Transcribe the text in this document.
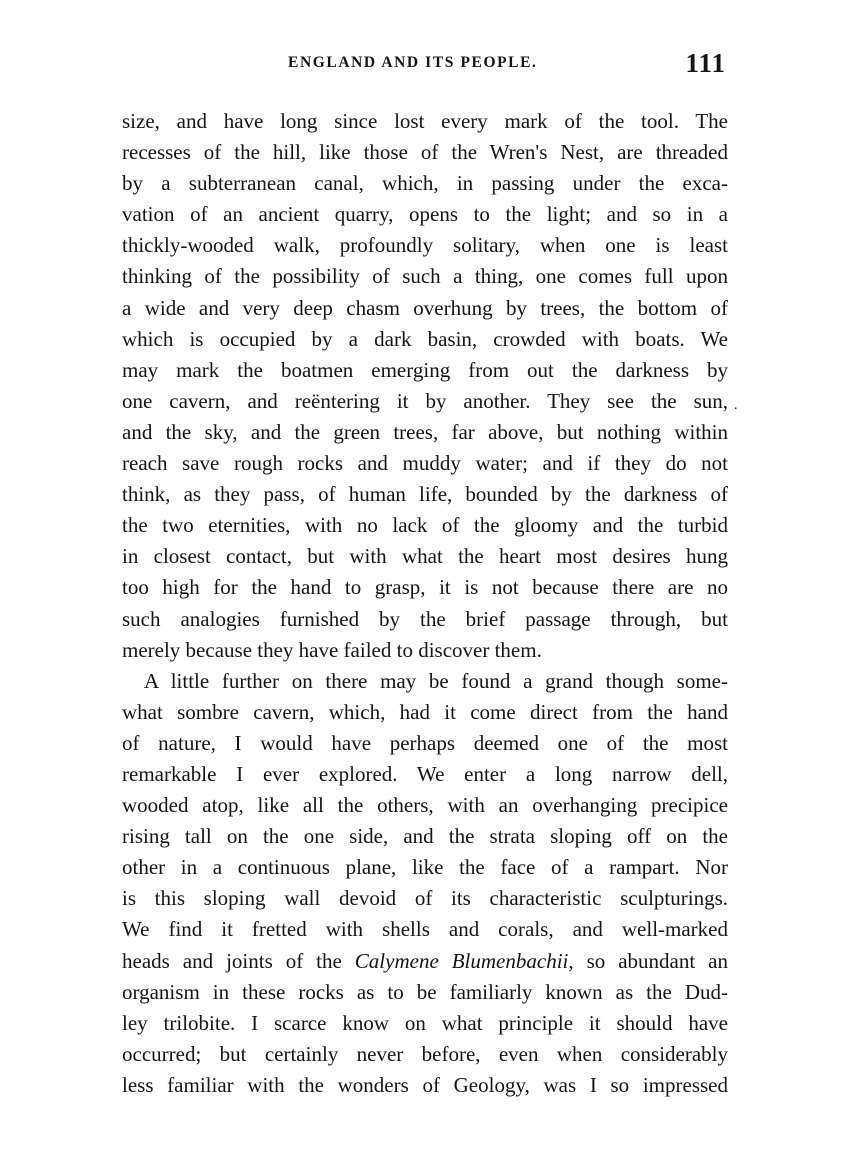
ENGLAND AND ITS PEOPLE.	111
size, and have long since lost every mark of the tool. The
recesses of the hill, like those of the Wren's Nest, are threaded
by a subterranean canal, which, in passing under the exca-
vation of an ancient quarry, opens to the light; and so in a
thickly-wooded walk, profoundly solitary, when one is least
thinking of the possibility of such a thing, one comes full upon
a wide and very deep chasm overhung by trees, the bottom of
which is occupied by a dark basin, crowded with boats. We
may mark the boatmen emerging from out the darkness by
one cavern, and reëntering it by another. They see the sun,
and the sky, and the green trees, far above, but nothing within
reach save rough rocks and muddy water; and if they do not
think, as they pass, of human life, bounded by the darkness of
the two eternities, with no lack of the gloomy and the turbid
in closest contact, but with what the heart most desires hung
too high for the hand to grasp, it is not because there are no
such analogies furnished by the brief passage through, but
merely because they have failed to discover them.
A little further on there may be found a grand though some-
what sombre cavern, which, had it come direct from the hand
of nature, I would have perhaps deemed one of the most
remarkable I ever explored. We enter a long narrow dell,
wooded atop, like all the others, with an overhanging precipice
rising tall on the one side, and the strata sloping off on the
other in a continuous plane, like the face of a rampart. Nor
is this sloping wall devoid of its characteristic sculpturings.
We find it fretted with shells and corals, and well-marked
heads and joints of the Calymene Blumenbachii, so abundant an
organism in these rocks as to be familiarly known as the Dud-
ley trilobite. I scarce know on what principle it should have
occurred; but certainly never before, even when considerably
less familiar with the wonders of Geology, was I so impressed
.
